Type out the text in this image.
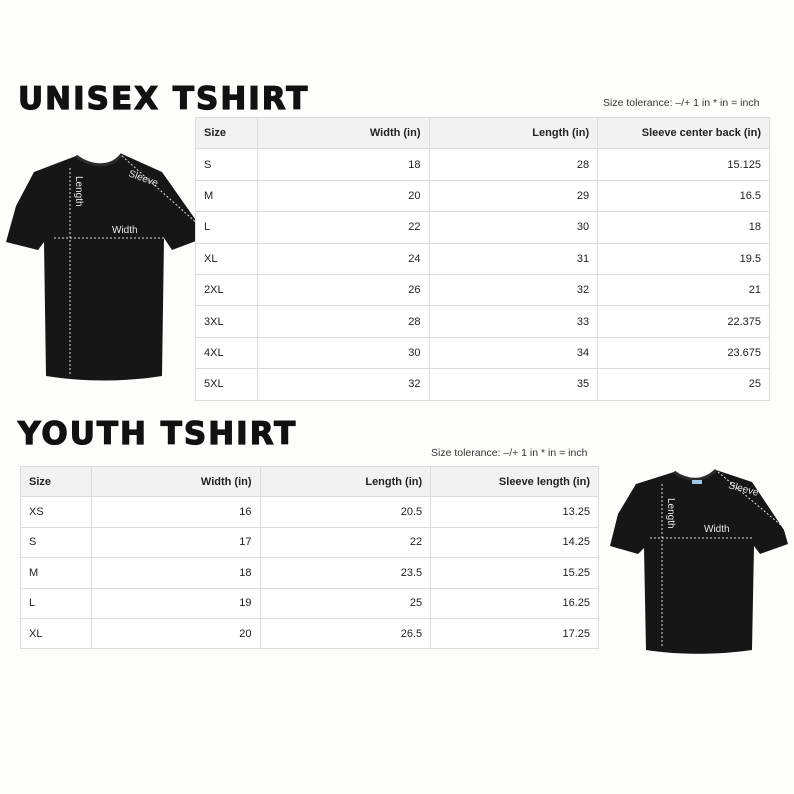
UNISEX TSHIRT	Size tolerance: –/+ 1 in * in = inch
Length	Sleeve
Width
Size	Width (in)	Length (in)	Sleeve center back (in)
S	18	28	15.125
M	20	29	16.5
L	22	30	18
XL	24	31	19.5
2XL	26	32	21
3XL	28	33	22.375
4XL	30	34	23.675
5XL	32	35	25
YOUTH TSHIRT
Size tolerance: –/+ 1 in * in = inch
Size	Width (in)	Length (in)	Sleeve length (in)
XS	16	20.5	13.25
S	17	22	14.25
M	18	23.5	15.25
L	19	25	16.25
XL	20	26.5	17.25
Length
Sleeve
Width
